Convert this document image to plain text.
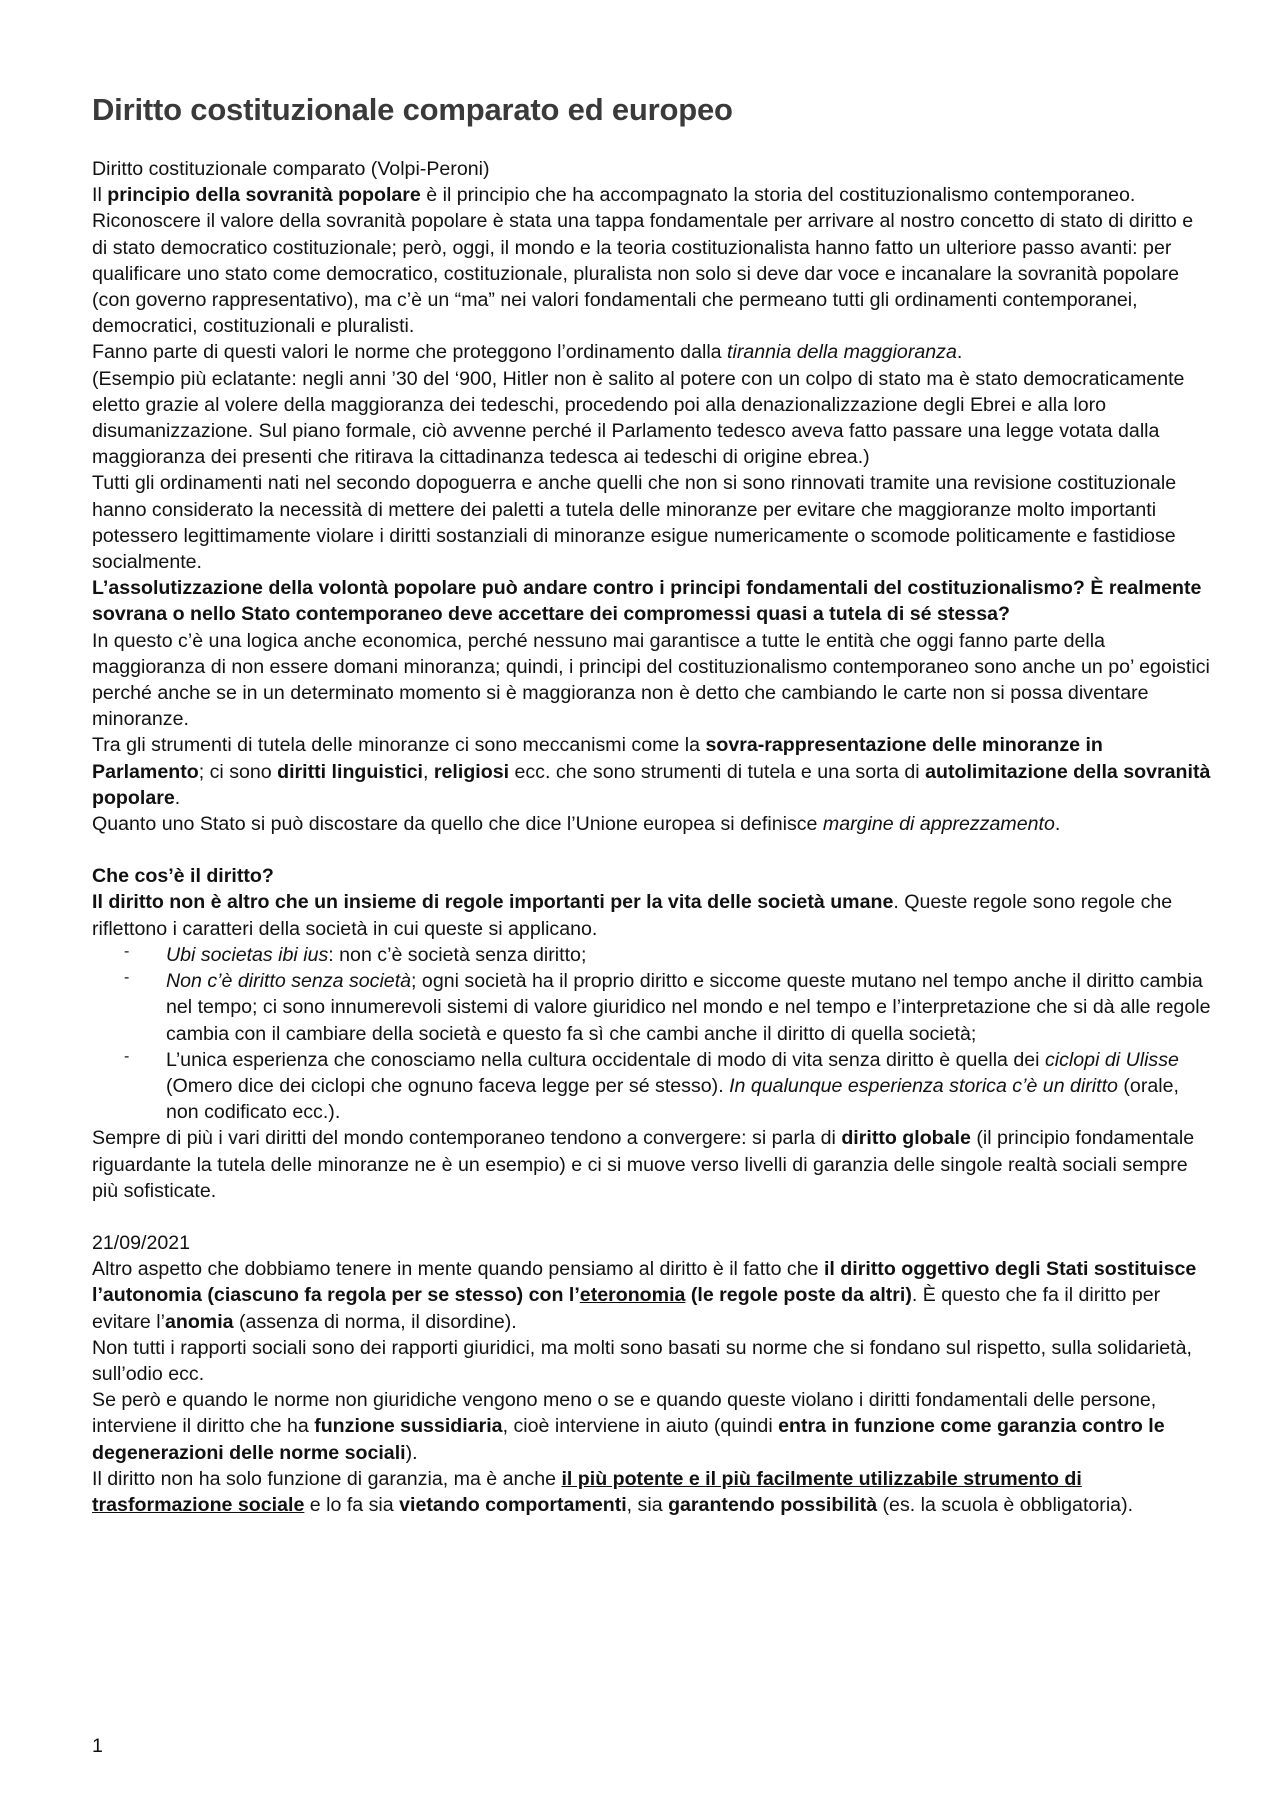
Diritto costituzionale comparato ed europeo

Diritto costituzionale comparato (Volpi-Peroni)

Il principio della sovranità popolare è il principio che ha accompagnato la storia del costituzionalismo contemporaneo. Riconoscere il valore della sovranità popolare è stata una tappa fondamentale per arrivare al nostro concetto di stato di diritto e di stato democratico costituzionale; però, oggi, il mondo e la teoria costituzionalista hanno fatto un ulteriore passo avanti: per qualificare uno stato come democratico, costituzionale, pluralista non solo si deve dar voce e incanalare la sovranità popolare (con governo rappresentativo), ma c’è un “ma” nei valori fondamentali che permeano tutti gli ordinamenti contemporanei, democratici, costituzionali e pluralisti.

Fanno parte di questi valori le norme che proteggono l’ordinamento dalla tirannia della maggioranza.

(Esempio più eclatante: negli anni ’30 del ‘900, Hitler non è salito al potere con un colpo di stato ma è stato democraticamente eletto grazie al volere della maggioranza dei tedeschi, procedendo poi alla denazionalizzazione degli Ebrei e alla loro disumanizzazione. Sul piano formale, ciò avvenne perché il Parlamento tedesco aveva fatto passare una legge votata dalla maggioranza dei presenti che ritirava la cittadinanza tedesca ai tedeschi di origine ebrea.)

Tutti gli ordinamenti nati nel secondo dopoguerra e anche quelli che non si sono rinnovati tramite una revisione costituzionale hanno considerato la necessità di mettere dei paletti a tutela delle minoranze per evitare che maggioranze molto importanti potessero legittimamente violare i diritti sostanziali di minoranze esigue numericamente o scomode politicamente e fastidiose socialmente.

L’assolutizzazione della volontà popolare può andare contro i principi fondamentali del costituzionalismo? È realmente sovrana o nello Stato contemporaneo deve accettare dei compromessi quasi a tutela di sé stessa?

In questo c’è una logica anche economica, perché nessuno mai garantisce a tutte le entità che oggi fanno parte della maggioranza di non essere domani minoranza; quindi, i principi del costituzionalismo contemporaneo sono anche un po’ egoistici perché anche se in un determinato momento si è maggioranza non è detto che cambiando le carte non si possa diventare minoranze.

Tra gli strumenti di tutela delle minoranze ci sono meccanismi come la sovra-rappresentazione delle minoranze in Parlamento; ci sono diritti linguistici, religiosi ecc. che sono strumenti di tutela e una sorta di autolimitazione della sovranità popolare.

Quanto uno Stato si può discostare da quello che dice l’Unione europea si definisce margine di apprezzamento.

Che cos’è il diritto?

Il diritto non è altro che un insieme di regole importanti per la vita delle società umane. Queste regole sono regole che riflettono i caratteri della società in cui queste si applicano.

- Ubi societas ibi ius: non c’è società senza diritto;
- Non c’è diritto senza società; ogni società ha il proprio diritto e siccome queste mutano nel tempo anche il diritto cambia nel tempo; ci sono innumerevoli sistemi di valore giuridico nel mondo e nel tempo e l’interpretazione che si dà alle regole cambia con il cambiare della società e questo fa sì che cambi anche il diritto di quella società;
- L’unica esperienza che conosciamo nella cultura occidentale di modo di vita senza diritto è quella dei ciclopi di Ulisse (Omero dice dei ciclopi che ognuno faceva legge per sé stesso). In qualunque esperienza storica c’è un diritto (orale, non codificato ecc.).

Sempre di più i vari diritti del mondo contemporaneo tendono a convergere: si parla di diritto globale (il principio fondamentale riguardante la tutela delle minoranze ne è un esempio) e ci si muove verso livelli di garanzia delle singole realtà sociali sempre più sofisticate.

21/09/2021

Altro aspetto che dobbiamo tenere in mente quando pensiamo al diritto è il fatto che il diritto oggettivo degli Stati sostituisce l’autonomia (ciascuno fa regola per se stesso) con l’eteronomia (le regole poste da altri). È questo che fa il diritto per evitare l’anomia (assenza di norma, il disordine).

Non tutti i rapporti sociali sono dei rapporti giuridici, ma molti sono basati su norme che si fondano sul rispetto, sulla solidarietà, sull’odio ecc.

Se però e quando le norme non giuridiche vengono meno o se e quando queste violano i diritti fondamentali delle persone, interviene il diritto che ha funzione sussidiaria, cioè interviene in aiuto (quindi entra in funzione come garanzia contro le degenerazioni delle norme sociali).

Il diritto non ha solo funzione di garanzia, ma è anche il più potente e il più facilmente utilizzabile strumento di trasformazione sociale e lo fa sia vietando comportamenti, sia garantendo possibilità (es. la scuola è obbligatoria).

1
